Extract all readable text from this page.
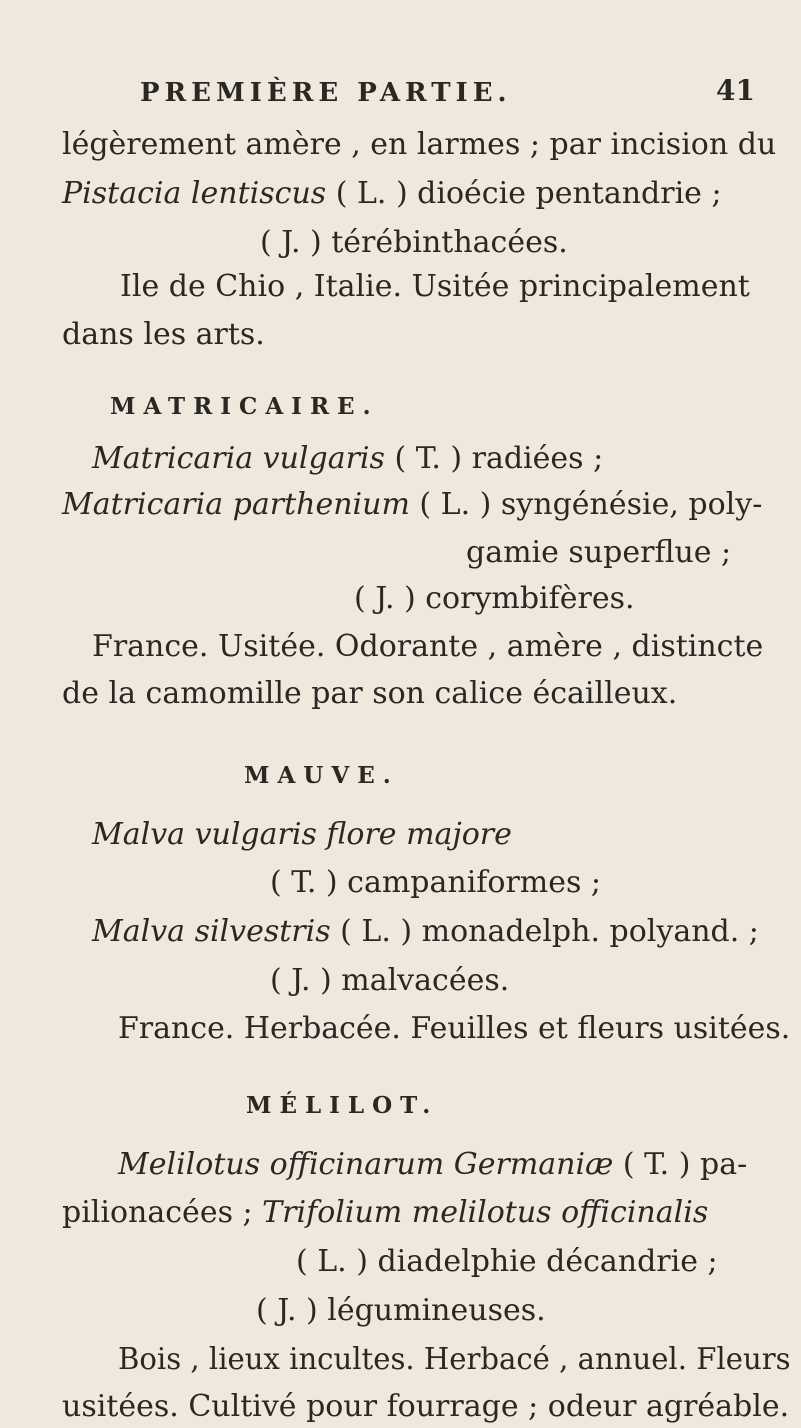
PREMIÈRE PARTIE.	41
légèrement amère , en larmes ; par incision du
Pistacia lentiscus ( L. ) dioécie pentandrie ;
( J. ) térébinthacées.
Ile de Chio , Italie. Usitée principalement
dans les arts.
MATRICAIRE.
Matricaria vulgaris ( T. ) radiées ;
Matricaria parthenium ( L. ) syngénésie, poly-
gamie superflue ;
( J. ) corymbifères.
France. Usitée. Odorante , amère , distincte
de la camomille par son calice écailleux.
MAUVE.
Malva vulgaris flore majore
( T. ) campaniformes ;
Malva silvestris ( L. ) monadelph. polyand. ;
( J. ) malvacées.
France. Herbacée. Feuilles et fleurs usitées.
MÉLILOT.
Melilotus officinarum Germaniæ ( T. ) pa-
pilionacées ; Trifolium melilotus officinalis
( L. ) diadelphie décandrie ;
( J. ) légumineuses.
Bois , lieux incultes. Herbacé , annuel. Fleurs
usitées. Cultivé pour fourrage ; odeur agréable.
